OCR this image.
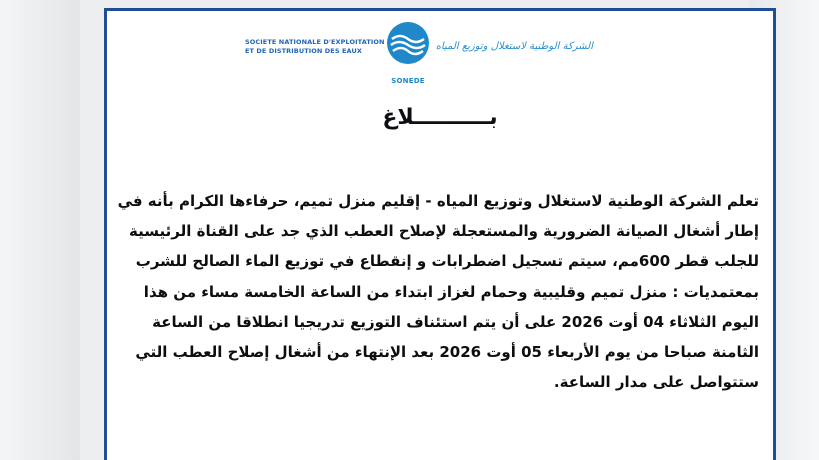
SOCIETE NATIONALE D'EXPLOITATION
ET DE DISTRIBUTION DES EAUX
SONEDE
الشركة الوطنية لاستغلال وتوزيع المياه
بــــــــــلاغ
تعلم الشركة الوطنية لاستغلال وتوزيع المياه - إقليم منزل تميم، حرفاءها الكرام بأنه في
إطار أشغال الصيانة الضرورية والمستعجلة لإصلاح العطب الذي جد على القناة الرئيسية
للجلب قطر 600مم، سيتم تسجيل اضطرابات و إنقطاع في توزيع الماء الصالح للشرب
بمعتمديات : منزل تميم وقليبية وحمام لغزاز ابتداء من الساعة الخامسة مساء من هذا
اليوم الثلاثاء 04 أوت 2026 على أن يتم استئناف التوزيع تدريجيا انطلاقا من الساعة
الثامنة صباحا من يوم الأربعاء 05 أوت 2026 بعد الإنتهاء من أشغال إصلاح العطب التي
ستتواصل على مدار الساعة.
